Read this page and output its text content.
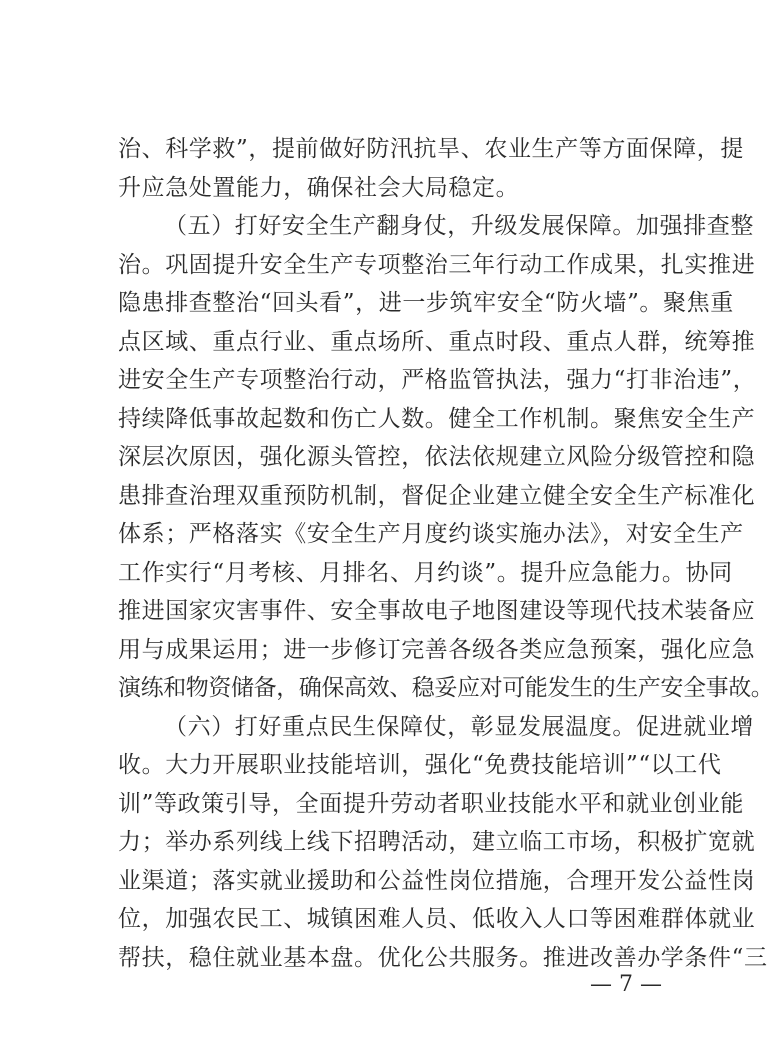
治、科学救”，提前做好防汛抗旱、农业生产等方面保障，提
升应急处置能力，确保社会大局稳定。
（五）打好安全生产翻身仗，升级发展保障。加强排查整
治。巩固提升安全生产专项整治三年行动工作成果，扎实推进
隐患排查整治“回头看”，进一步筑牢安全“防火墙”。聚焦重
点区域、重点行业、重点场所、重点时段、重点人群，统筹推
进安全生产专项整治行动，严格监管执法，强力“打非治违”，
持续降低事故起数和伤亡人数。健全工作机制。聚焦安全生产
深层次原因，强化源头管控，依法依规建立风险分级管控和隐
患排查治理双重预防机制，督促企业建立健全安全生产标准化
体系；严格落实《安全生产月度约谈实施办法》，对安全生产
工作实行“月考核、月排名、月约谈”。提升应急能力。协同
推进国家灾害事件、安全事故电子地图建设等现代技术装备应
用与成果运用；进一步修订完善各级各类应急预案，强化应急
演练和物资储备，确保高效、稳妥应对可能发生的生产安全事故。
（六）打好重点民生保障仗，彰显发展温度。促进就业增
收。大力开展职业技能培训，强化“免费技能培训”“以工代
训”等政策引导，全面提升劳动者职业技能水平和就业创业能
力；举办系列线上线下招聘活动，建立临工市场，积极扩宽就
业渠道；落实就业援助和公益性岗位措施，合理开发公益性岗
位，加强农民工、城镇困难人员、低收入人口等困难群体就业
帮扶，稳住就业基本盘。优化公共服务。推进改善办学条件“三
— 7 —
